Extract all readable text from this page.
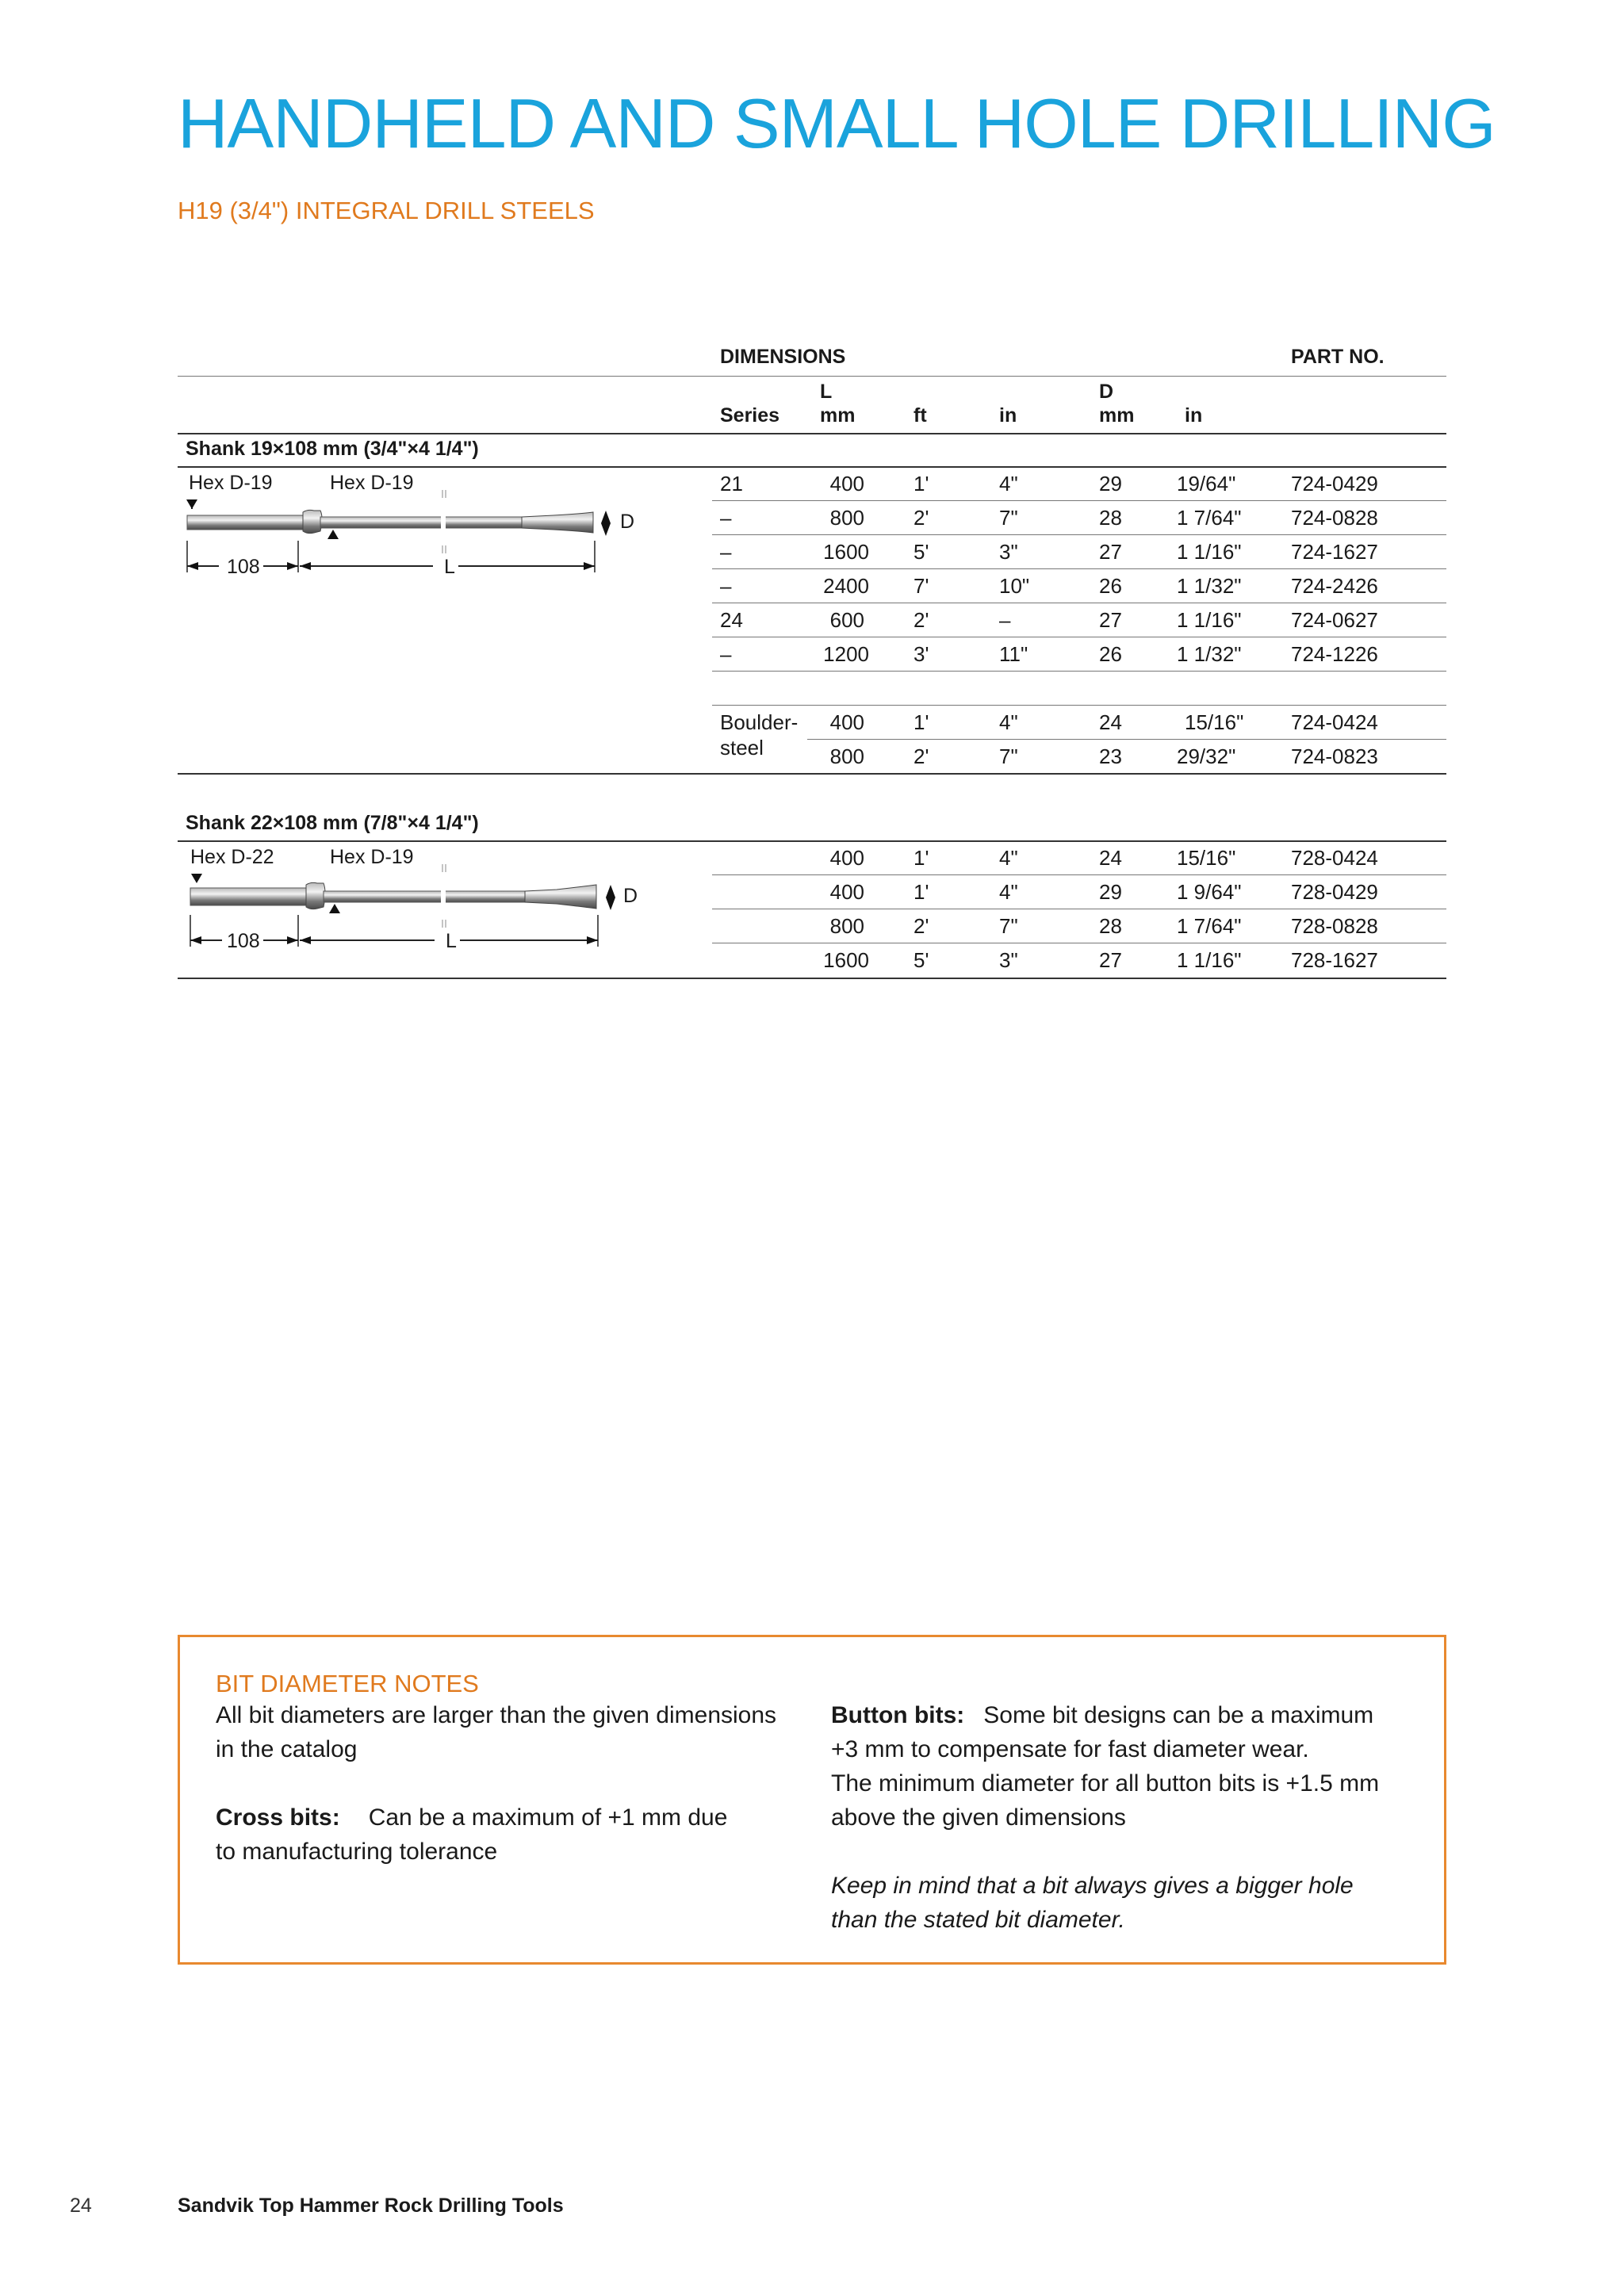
HANDHELD AND SMALL HOLE DRILLING
H19 (3/4") INTEGRAL DRILL STEELS
DIMENSIONS	PART NO.
L	D
Series mm	ft	in	mm	in
Shank 19×108 mm (3/4"×4 1/4")
Hex D-19	Hex D-19
108	L
D
21	400 1'	4"	29	19/64"	724-0429
–	800 2'	7"	28	1 7/64" 724-0828
–	1600 5'	3"	27	1 1/16" 724-1627
–	2400 7'	10"	26	1 1/32" 724-2426
24	600 2'	–	27	1 1/16" 724-0627
–	1200 3'	11"	26	1 1/32" 724-1226
Boulder-
steel
400 1'	4"	24	15/16" 724-0424
800 2'	7"	23	29/32"	724-0823
Shank 22×108 mm (7/8"×4 1/4")
Hex D-22	Hex D-19
108	L
D
400 1'	4"	24	15/16"	728-0424
400 1'	4"	29	1 9/64" 728-0429
800 2'	7"	28	1 7/64" 728-0828
1600 5'	3"	27	1 1/16" 728-1627
BIT DIAMETER NOTES
All bit diameters are larger than the given dimensions
in the catalog
Cross bits: Can be a maximum of +1 mm due
to manufacturing tolerance
Button bits: Some bit designs can be a maximum
+3 mm to compensate for fast diameter wear.
The minimum diameter for all button bits is +1.5 mm
above the given dimensions
Keep in mind that a bit always gives a bigger hole
than the stated bit diameter.
24	Sandvik Top Hammer Rock Drilling Tools
